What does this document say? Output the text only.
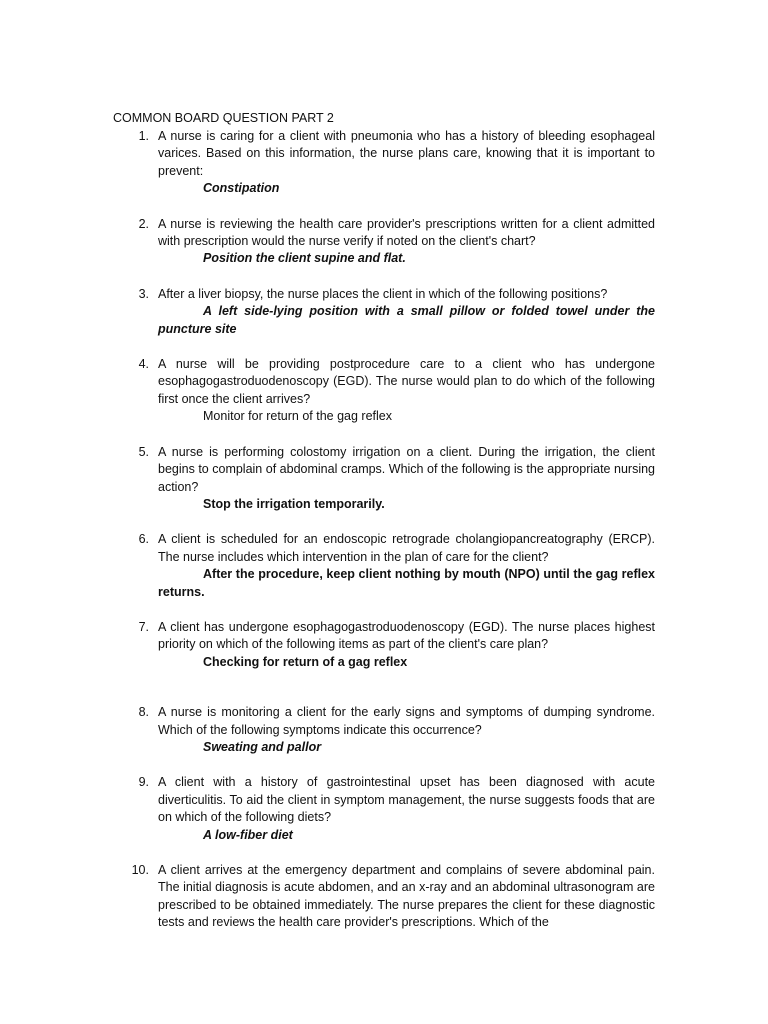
COMMON BOARD QUESTION PART 2
1. A nurse is caring for a client with pneumonia who has a history of bleeding esophageal varices. Based on this information, the nurse plans care, knowing that it is important to prevent:
Constipation
2. A nurse is reviewing the health care provider's prescriptions written for a client admitted with prescription would the nurse verify if noted on the client's chart?
Position the client supine and flat.
3. After a liver biopsy, the nurse places the client in which of the following positions?
A left side-lying position with a small pillow or folded towel under the puncture site
4. A nurse will be providing postprocedure care to a client who has undergone esophagogastroduodenoscopy (EGD). The nurse would plan to do which of the following first once the client arrives?
Monitor for return of the gag reflex
5. A nurse is performing colostomy irrigation on a client. During the irrigation, the client begins to complain of abdominal cramps. Which of the following is the appropriate nursing action?
Stop the irrigation temporarily.
6. A client is scheduled for an endoscopic retrograde cholangiopancreatography (ERCP). The nurse includes which intervention in the plan of care for the client?
After the procedure, keep client nothing by mouth (NPO) until the gag reflex returns.
7. A client has undergone esophagogastroduodenoscopy (EGD). The nurse places highest priority on which of the following items as part of the client's care plan?
Checking for return of a gag reflex
8. A nurse is monitoring a client for the early signs and symptoms of dumping syndrome. Which of the following symptoms indicate this occurrence?
Sweating and pallor
9. A client with a history of gastrointestinal upset has been diagnosed with acute diverticulitis. To aid the client in symptom management, the nurse suggests foods that are on which of the following diets?
A low-fiber diet
10. A client arrives at the emergency department and complains of severe abdominal pain. The initial diagnosis is acute abdomen, and an x-ray and an abdominal ultrasonogram are prescribed to be obtained immediately. The nurse prepares the client for these diagnostic tests and reviews the health care provider's prescriptions. Which of the
